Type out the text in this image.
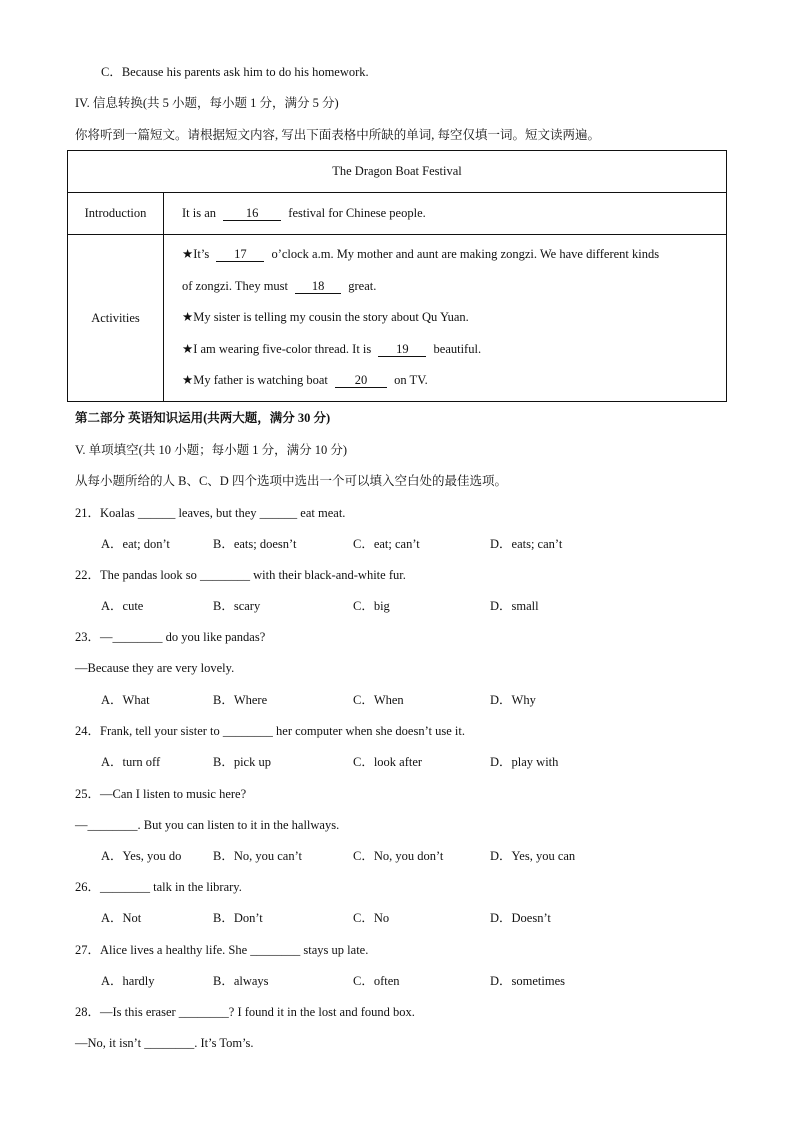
C．Because his parents ask him to do his homework.
IV. 信息转换(共 5 小题，每小题 1 分，满分 5 分)
你将听到一篇短文。请根据短文内容, 写出下面表格中所缺的单词, 每空仅填一词。短文读两遍。
The Dragon Boat Festival	
Introduction	It is an 16 festival for Chinese people.
Activities	★It’s 17 o’clock a.m. My mother and aunt are making zongzi. We have different kinds
of zongzi. They must 18 great.
★My sister is telling my cousin the story about Qu Yuan.
★I am wearing five-color thread. It is 19 beautiful.
★My father is watching boat 20 on TV.
第二部分 英语知识运用(共两大题，满分 30 分)
V. 单项填空(共 10 小题；每小题 1 分，满分 10 分)
从每小题所给的人 B、C、D 四个选项中选出一个可以填入空白处的最佳选项。
21．Koalas ______ leaves, but they ______ eat meat.
A．eat; don’t	B．eats; doesn’t	C．eat; can’t	D．eats; can’t
22．The pandas look so ________ with their black-and-white fur.
A．cute	B．scary	C．big	D．small
23．—________ do you like pandas?
—Because they are very lovely.
A．What	B．Where	C．When	D．Why
24．Frank, tell your sister to ________ her computer when she doesn’t use it.
A．turn off	B．pick up	C．look after	D．play with
25．—Can I listen to music here?
—________. But you can listen to it in the hallways.
A．Yes, you do	B．No, you can’t	C．No, you don’t	D．Yes, you can
26．________ talk in the library.
A．Not	B．Don’t	C．No	D．Doesn’t
27．Alice lives a healthy life. She ________ stays up late.
A．hardly	B．always	C．often	D．sometimes
28．—Is this eraser ________? I found it in the lost and found box.
—No, it isn’t ________. It’s Tom’s.
